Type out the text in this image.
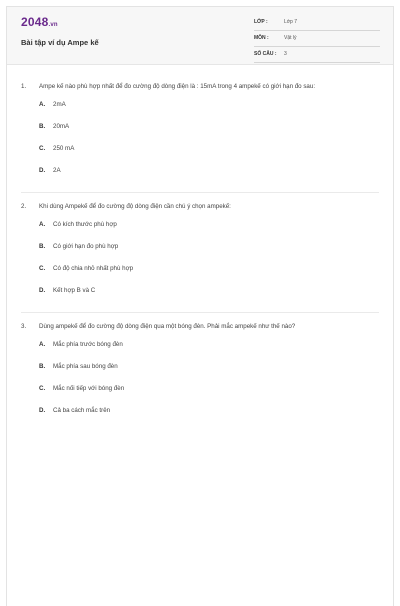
2048.vn
Bài tập ví dụ Ampe kế
LỚP :	Lớp 7
MÔN :	Vật lý
SỐ CÂU : 3
1. Ampe kế nào phù hợp nhất để đo cường độ dòng điện là : 15mA trong 4 ampekế có giới hạn đo sau:
A. 2mA
B. 20mA
C. 250 mA
D. 2A
2. Khi dùng Ampekế để đo cường độ dòng điện cần chú ý chọn ampekế:
A. Có kích thước phù hợp
B. Có giới hạn đo phù hợp
C. Có độ chia nhỏ nhất phù hợp
D. Kết hợp B và C
3. Dùng ampekế để đo cường độ dòng điện qua một bóng đèn. Phải mắc ampekế như thế nào?
A. Mắc phía trước bóng đèn
B. Mắc phía sau bóng đèn
C. Mắc nối tiếp với bóng đèn
D. Cả ba cách mắc trên
